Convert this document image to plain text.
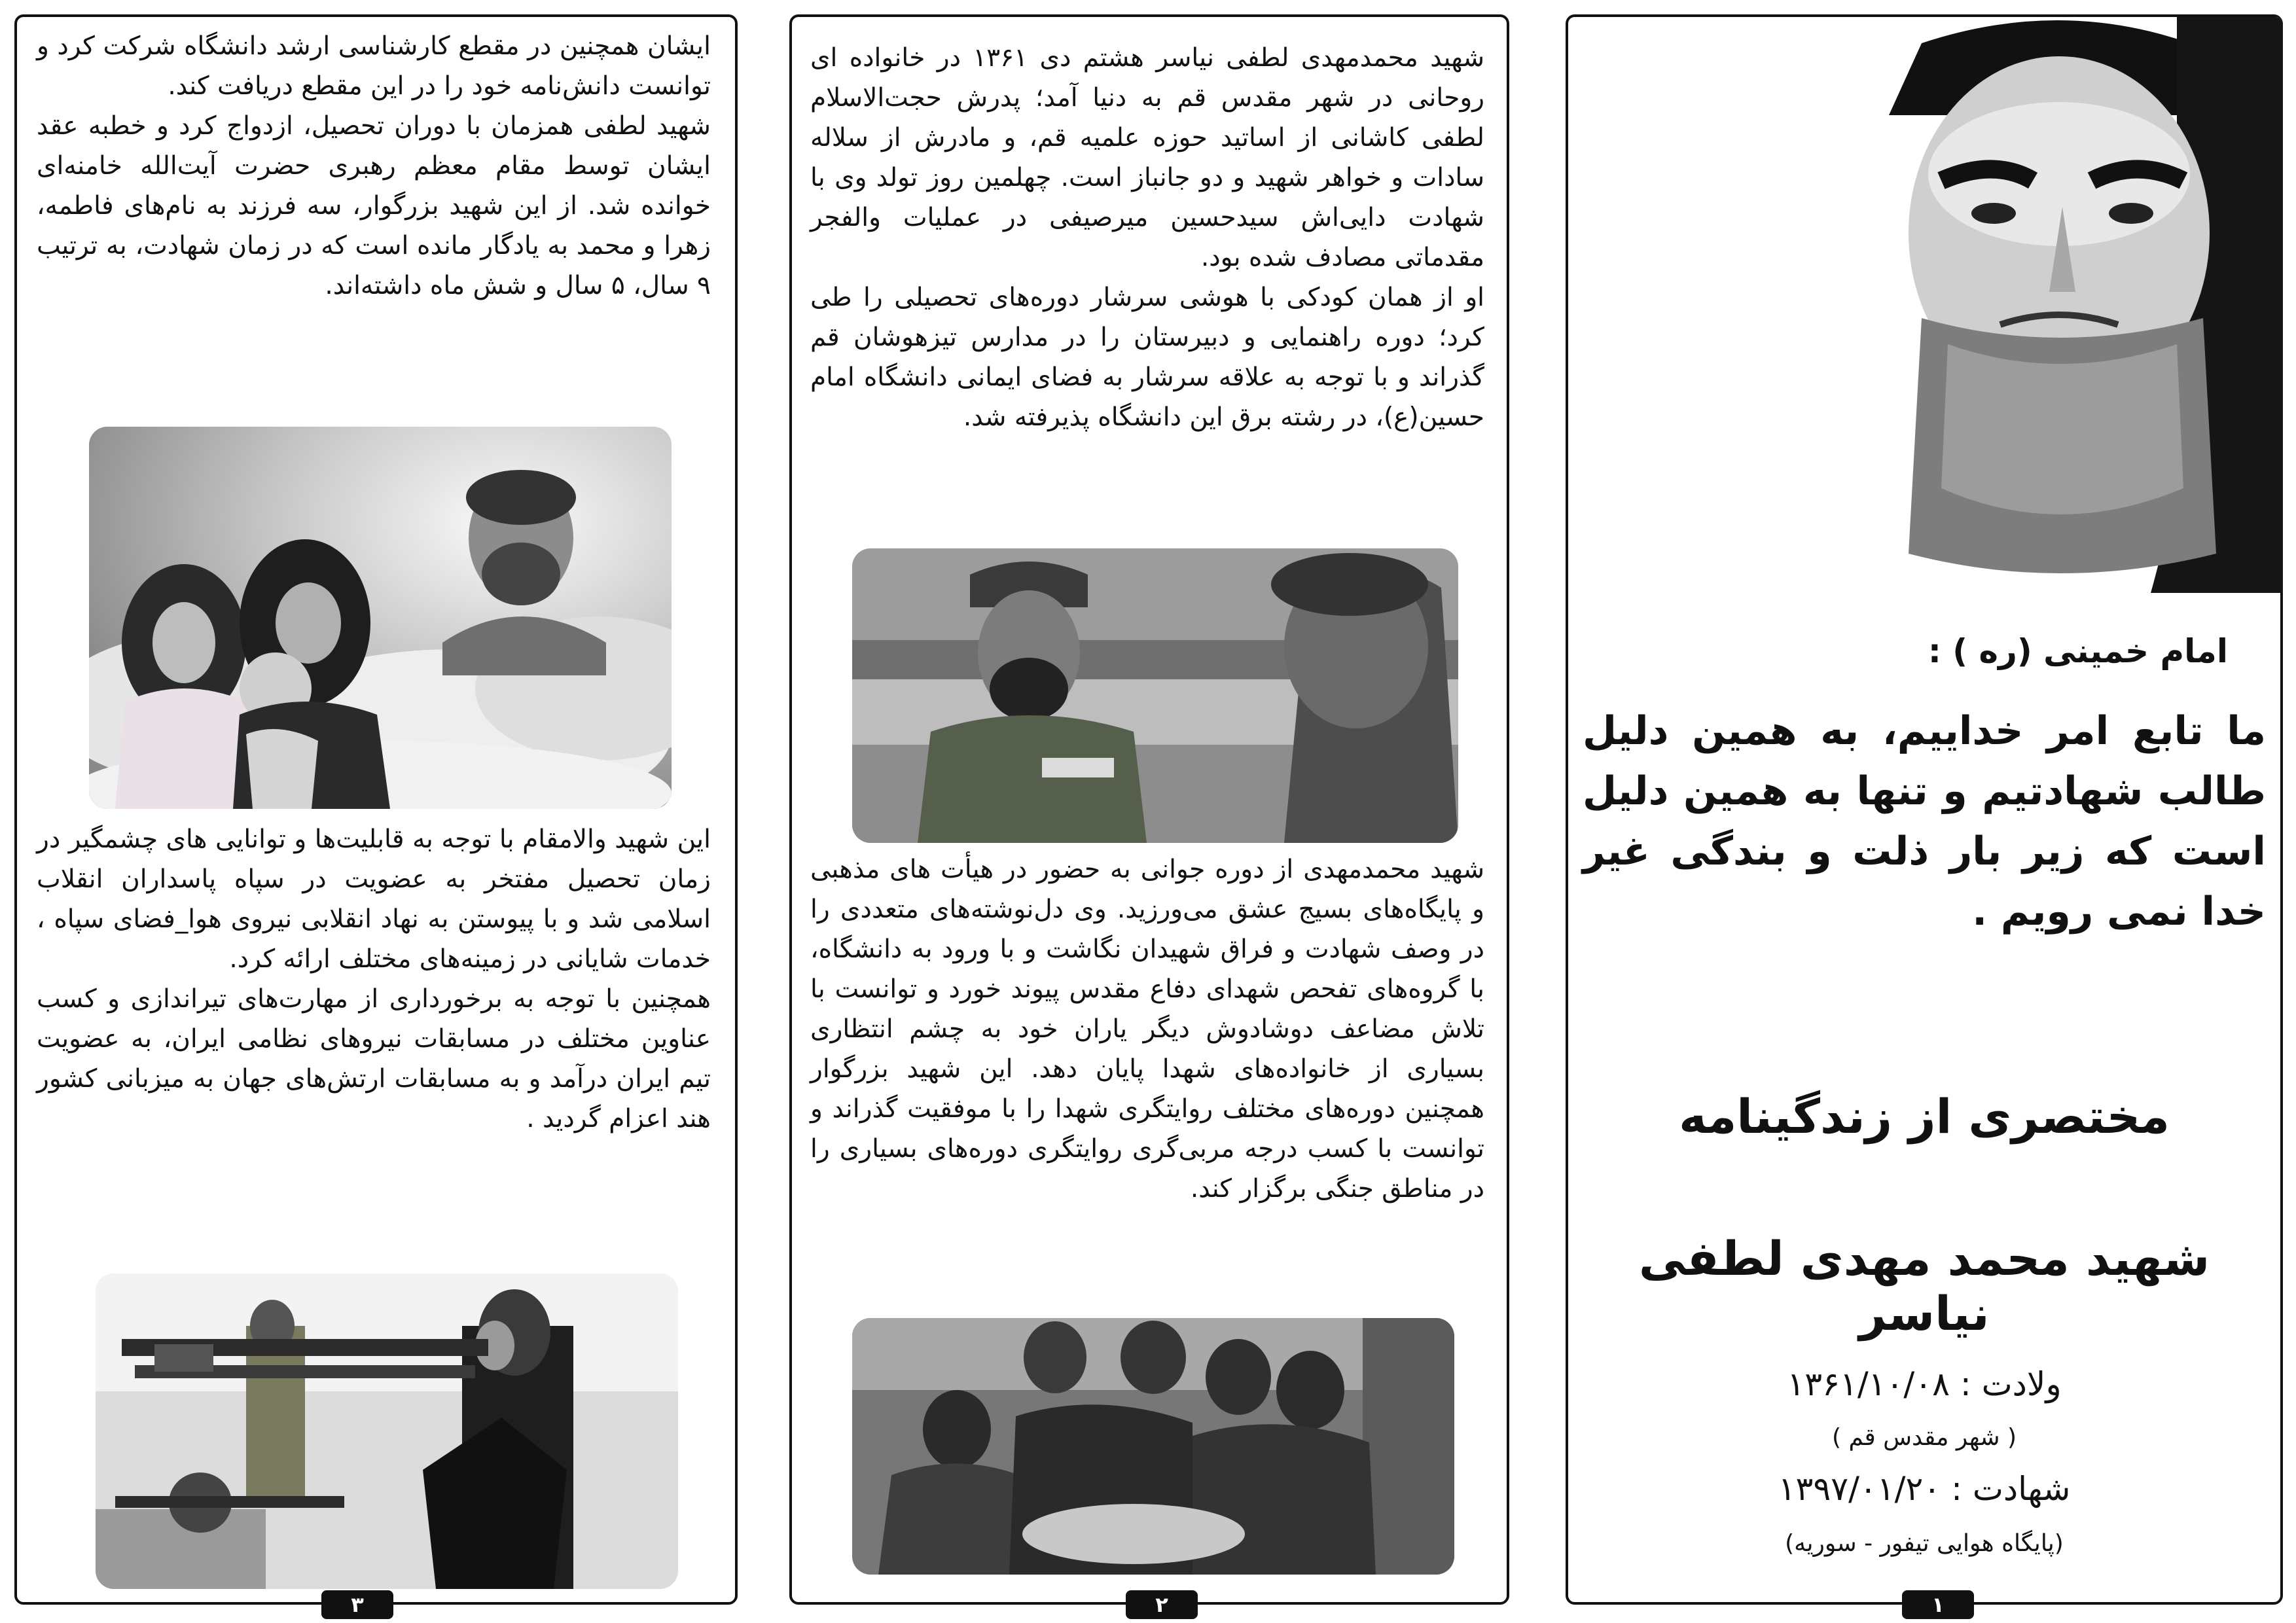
ایشان همچنین در مقطع کارشناسی ارشد دانشگاه شرکت کرد و توانست دانش‌نامه خود را در این مقطع دریافت کند.

شهید لطفی همزمان با دوران تحصیل، ازدواج کرد و خطبه عقد ایشان توسط مقام معظم رهبری حضرت آیت‌الله خامنه‌ای خوانده شد. از این شهید بزرگوار، سه فرزند به نام‌های فاطمه، زهرا و محمد به یادگار مانده است که در زمان شهادت، به ترتیب ۹ سال، ۵ سال و شش ماه داشته‌اند.

این شهید والامقام با توجه به قابلیت‌ها و توانایی های چشمگیر در زمان تحصیل مفتخر به عضویت در سپاه پاسداران انقلاب اسلامی شد و با پیوستن به نهاد انقلابی نیروی هوا_فضای سپاه ، خدمات شایانی در زمینه‌های مختلف ارائه کرد.

همچنین با توجه به برخورداری از مهارت‌های تیراندازی و کسب عناوین مختلف در مسابقات نیروهای نظامی ایران، به عضویت تیم ایران درآمد و به مسابقات ارتش‌های جهان به میزبانی کشور هند اعزام گردید .

۳

شهید محمدمهدی لطفی نیاسر هشتم دی ۱۳۶۱ در خانواده ای روحانی در شهر مقدس قم به دنیا آمد؛ پدرش حجت‌الاسلام لطفی کاشانی از اساتید حوزه علمیه قم، و مادرش از سلاله سادات و خواهر شهید و دو جانباز است. چهلمین روز تولد وی با شهادت دایی‌اش سیدحسین میرصیفی در عملیات والفجر مقدماتی مصادف شده بود.

او از همان کودکی با هوشی سرشار دوره‌های تحصیلی را طی کرد؛ دوره راهنمایی و دبیرستان را در مدارس تیزهوشان قم گذراند و با توجه به علاقه سرشار به فضای ایمانی دانشگاه امام حسین(ع)، در رشته برق این دانشگاه پذیرفته شد.

شهید محمدمهدی از دوره جوانی به حضور در هیأت های مذهبی و پایگاه‌های بسیج عشق می‌ورزید. وی دل‌نوشته‌های متعددی را در وصف شهادت و فراق شهیدان نگاشت و با ورود به دانشگاه، با گروه‌های تفحص شهدای دفاع مقدس پیوند خورد و توانست با تلاش مضاعف دوشادوش دیگر یاران خود به چشم انتظاری بسیاری از خانواده‌های شهدا پایان دهد. این شهید بزرگوار همچنین دوره‌های مختلف روایتگری شهدا را با موفقیت گذراند و توانست با کسب درجه مربی‌گری روایتگری دوره‌های بسیاری را در مناطق جنگی برگزار کند.

۲
امام خمینی (ره ) :
ما تابع امر خداییم، به همین دلیل طالب شهادتیم و تنها به همین دلیل است که زیر بار ذلت و بندگی غیر خدا نمی رویم .
مختصری از زندگینامه
شهید محمد مهدی لطفی نیاسر
ولادت : ۱۳۶۱/۱۰/۰۸
( شهر مقدس قم )
شهادت : ۱۳۹۷/۰۱/۲۰
(پایگاه هوایی تیفور - سوریه)
۱
